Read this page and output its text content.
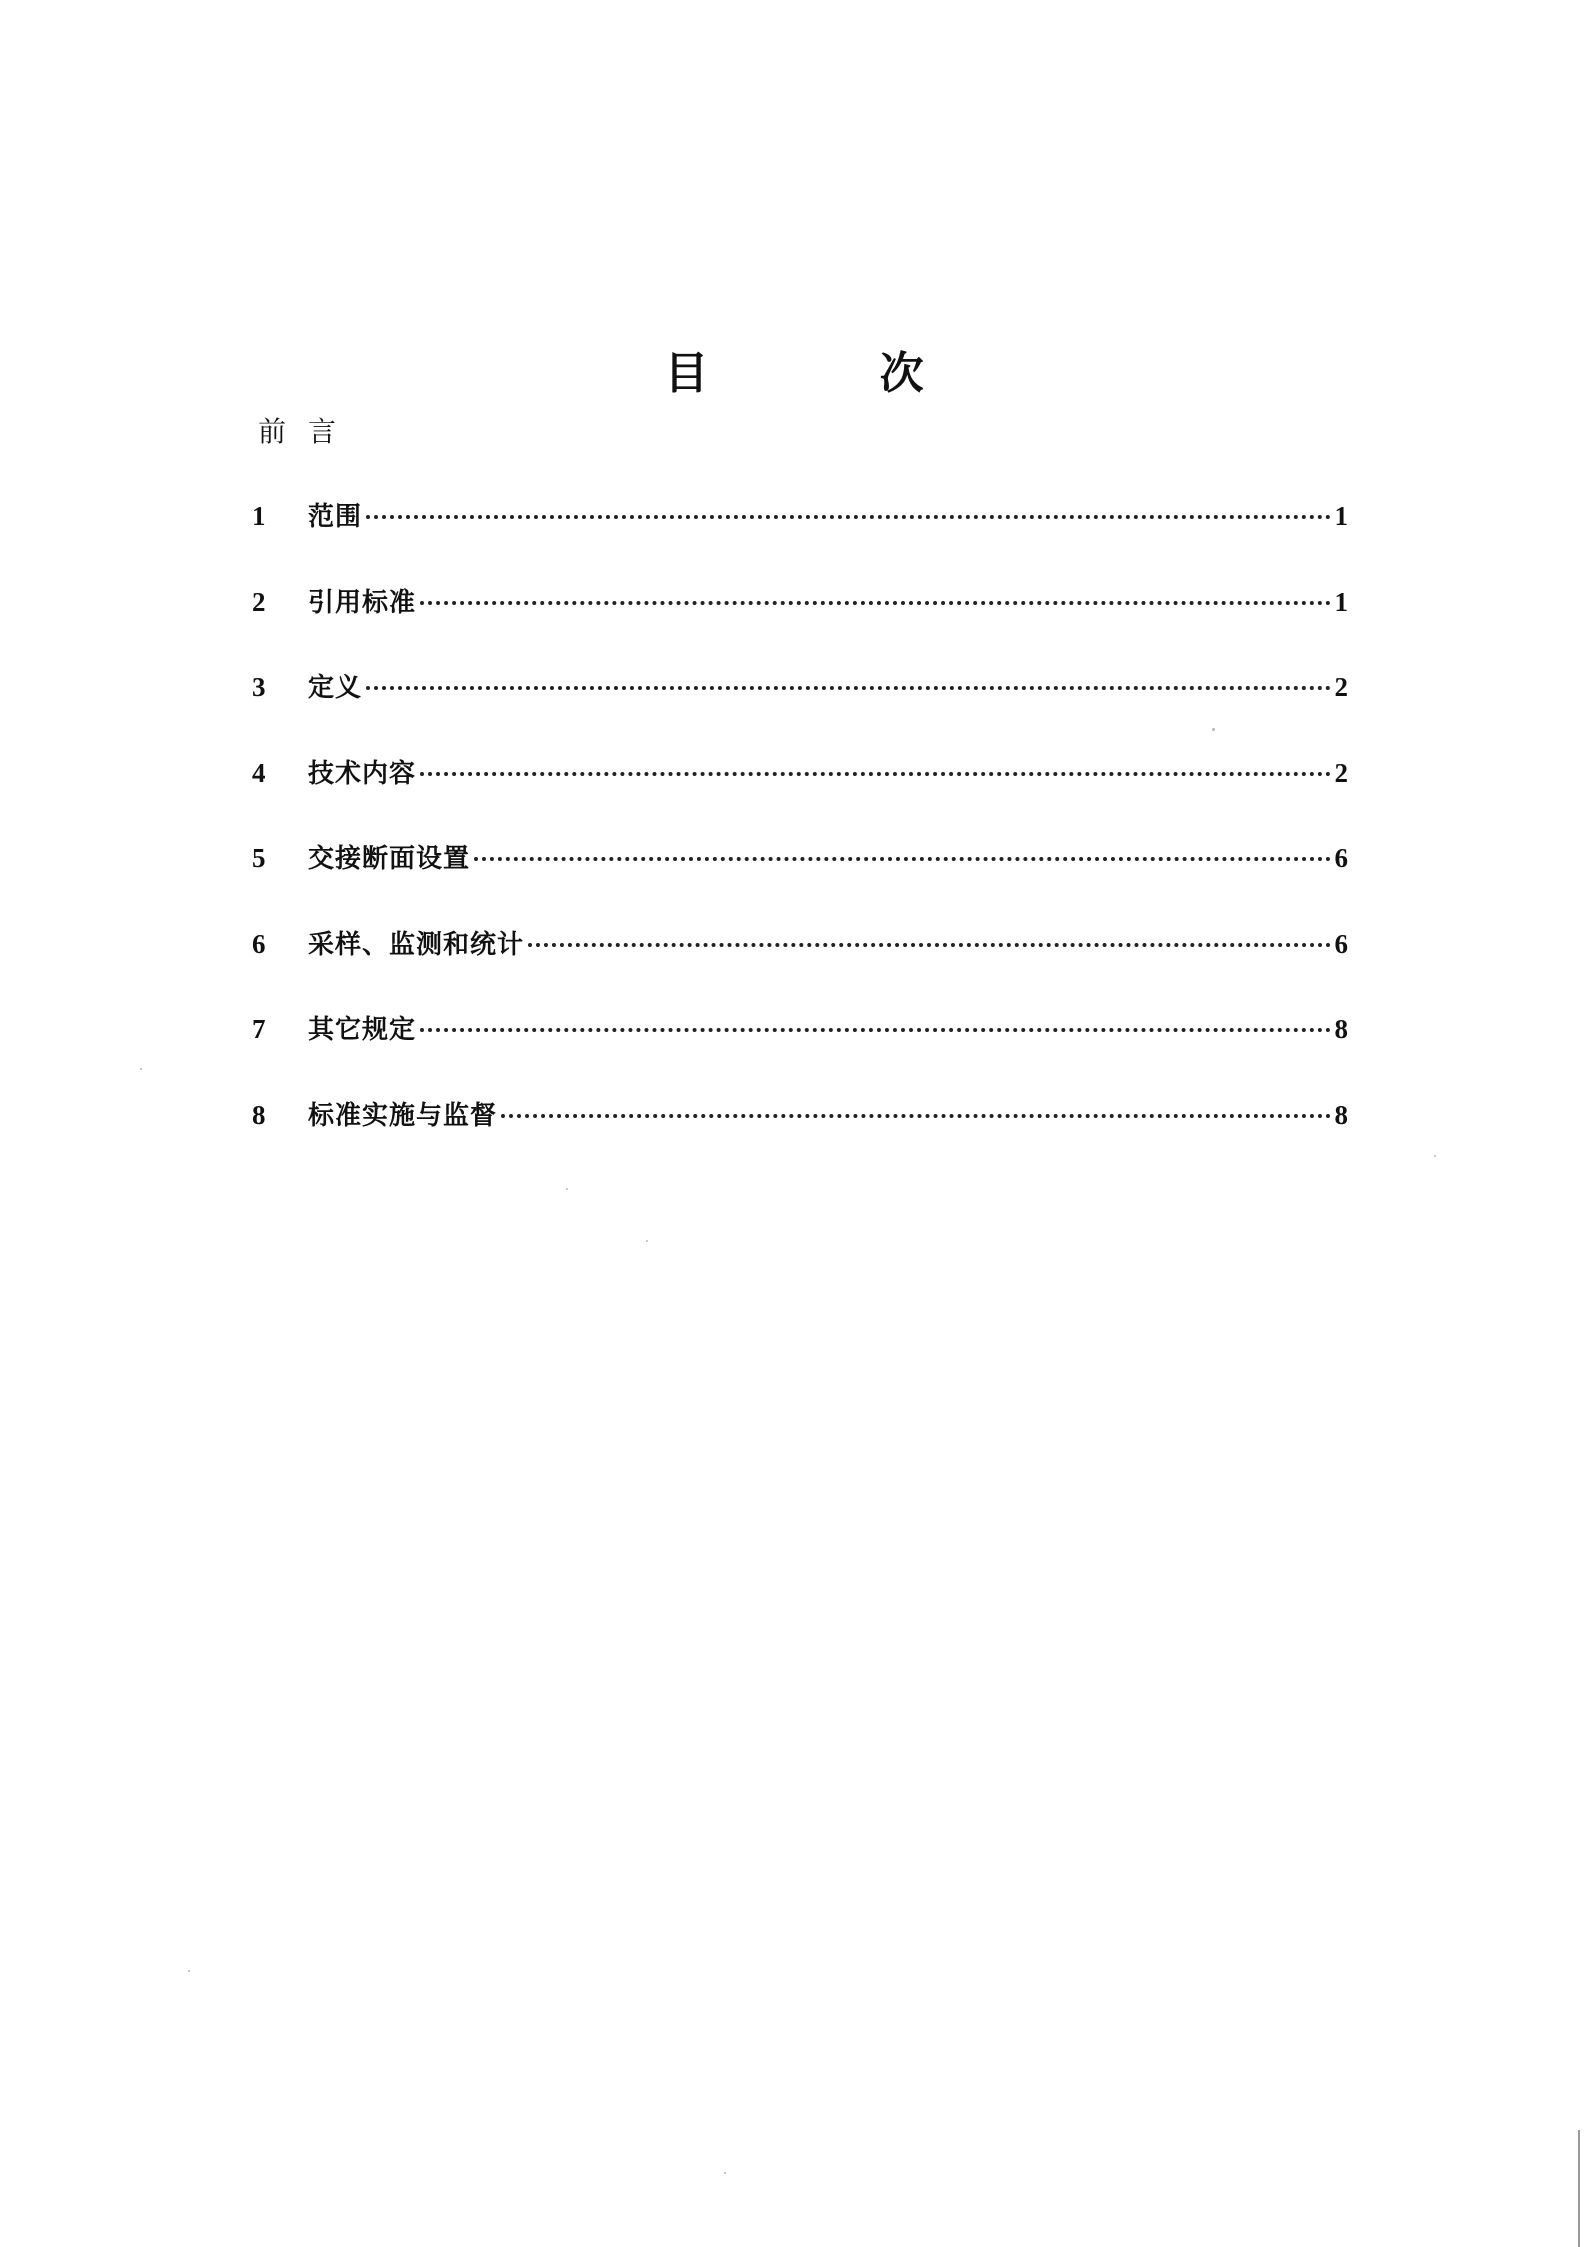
目 次
前言
1	范围	1
2	引用标准	1
3	定义	2
4	技术内容	2
5	交接断面设置	6
6	采样、监测和统计	6
7	其它规定	8
8	标准实施与监督	8
